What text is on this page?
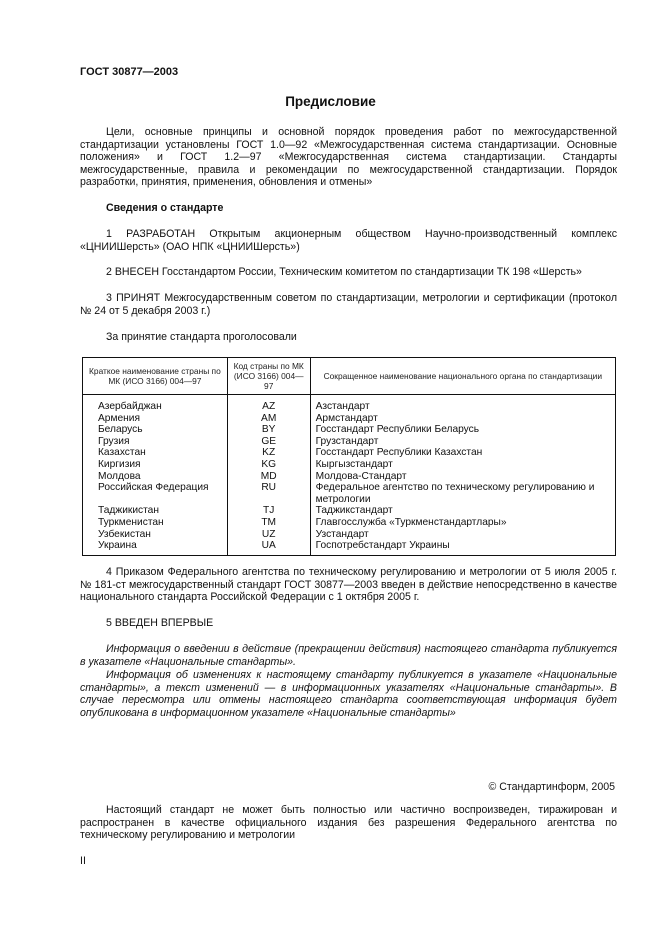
ГОСТ 30877—2003
Предисловие

Цели, основные принципы и основной порядок проведения работ по межгосударственной стандартизации установлены ГОСТ 1.0—92 «Межгосударственная система стандартизации. Основные положения» и ГОСТ 1.2—97 «Межгосударственная система стандартизации. Стандарты межгосударственные, правила и рекомендации по межгосударственной стандартизации. Порядок разработки, принятия, применения, обновления и отмены»

Сведения о стандарте

1 РАЗРАБОТАН Открытым акционерным обществом Научно-производственный комплекс «ЦНИИШерсть» (ОАО НПК «ЦНИИШерсть»)

2 ВНЕСЕН Госстандартом России, Техническим комитетом по стандартизации ТК 198 «Шерсть»

3 ПРИНЯТ Межгосударственным советом по стандартизации, метрологии и сертификации (протокол № 24 от 5 декабря 2003 г.)

За принятие стандарта проголосовали
Краткое наименование страны по МК (ИСО 3166) 004—97	Код страны по МК (ИСО 3166) 004—97	Сокращенное наименование национального органа по стандартизации
Азербайджан	AZ	Азстандарт
Армения	AM	Армстандарт
Беларусь	BY	Госстандарт Республики Беларусь
Грузия	GE	Грузстандарт
Казахстан	KZ	Госстандарт Республики Казахстан
Киргизия	KG	Кыргызстандарт
Молдова	MD	Молдова-Стандарт
Российская Федерация	RU	Федеральное агентство по техническому регулированию и метрологии
Таджикистан	TJ	Таджикстандарт
Туркменистан	TM	Главгосслужба «Туркменстандартлары»
Узбекистан	UZ	Узстандарт
Украина	UA	Госпотребстандарт Украины

4 Приказом Федерального агентства по техническому регулированию и метрологии от 5 июля 2005 г. № 181-ст межгосударственный стандарт ГОСТ 30877—2003 введен в действие непосредственно в качестве национального стандарта Российской Федерации с 1 октября 2005 г.

5 ВВЕДЕН ВПЕРВЫЕ

Информация о введении в действие (прекращении действия) настоящего стандарта публикуется в указателе «Национальные стандарты».

Информация об изменениях к настоящему стандарту публикуется в указателе «Национальные стандарты», а текст изменений — в информационных указателях «Национальные стандарты». В случае пересмотра или отмены настоящего стандарта соответствующая информация будет опубликована в информационном указателе «Национальные стандарты»

© Стандартинформ, 2005

Настоящий стандарт не может быть полностью или частично воспроизведен, тиражирован и распространен в качестве официального издания без разрешения Федерального агентства по техническому регулированию и метрологии

II
